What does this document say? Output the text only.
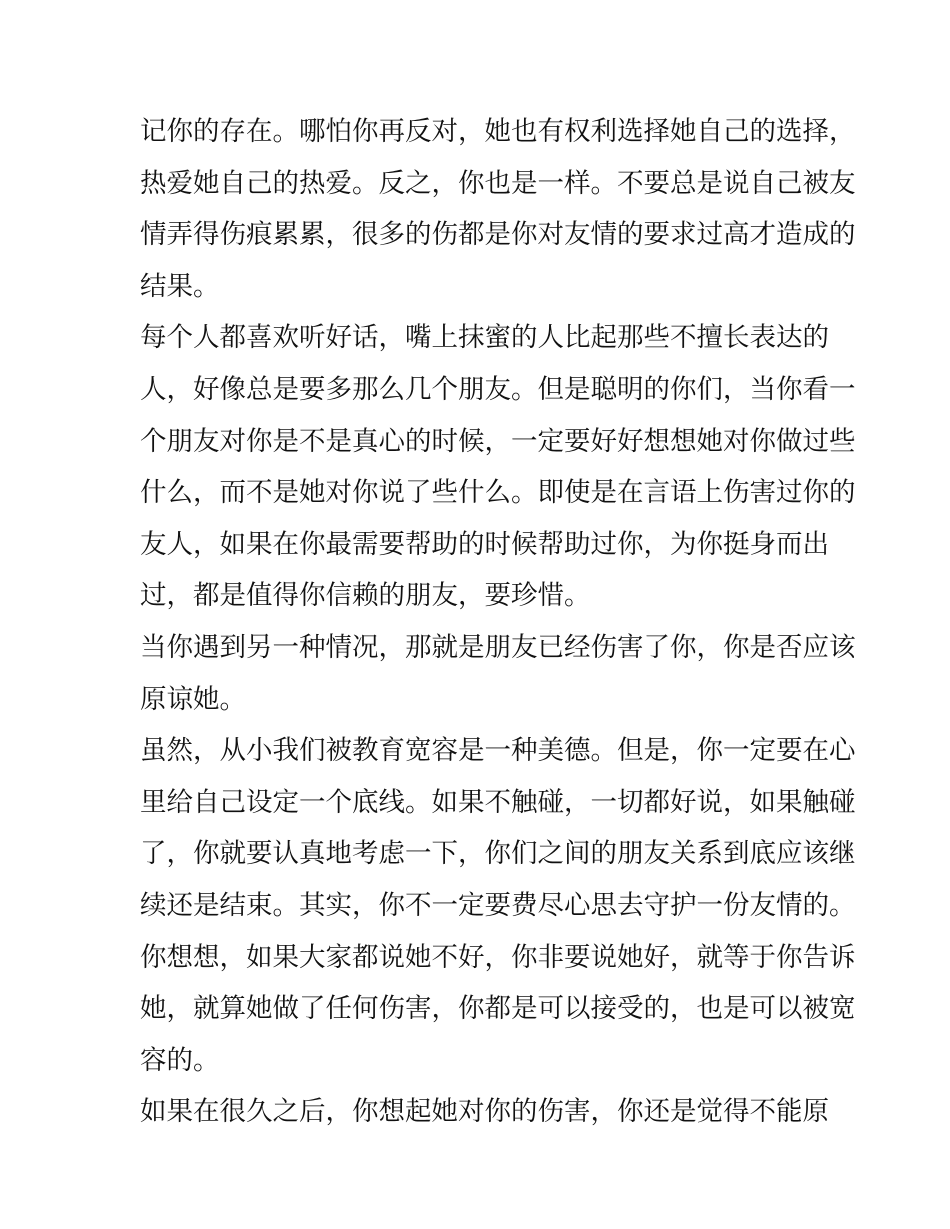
记你的存在。哪怕你再反对，她也有权利选择她自己的选择，
热爱她自己的热爱。反之，你也是一样。不要总是说自己被友
情弄得伤痕累累，很多的伤都是你对友情的要求过高才造成的
结果。
每个人都喜欢听好话，嘴上抹蜜的人比起那些不擅长表达的
人，好像总是要多那么几个朋友。但是聪明的你们，当你看一
个朋友对你是不是真心的时候，一定要好好想想她对你做过些
什么，而不是她对你说了些什么。即使是在言语上伤害过你的
友人，如果在你最需要帮助的时候帮助过你，为你挺身而出
过，都是值得你信赖的朋友，要珍惜。
当你遇到另一种情况，那就是朋友已经伤害了你，你是否应该
原谅她。
虽然，从小我们被教育宽容是一种美德。但是，你一定要在心
里给自己设定一个底线。如果不触碰，一切都好说，如果触碰
了，你就要认真地考虑一下，你们之间的朋友关系到底应该继
续还是结束。其实，你不一定要费尽心思去守护一份友情的。
你想想，如果大家都说她不好，你非要说她好，就等于你告诉
她，就算她做了任何伤害，你都是可以接受的，也是可以被宽
容的。
如果在很久之后，你想起她对你的伤害，你还是觉得不能原
